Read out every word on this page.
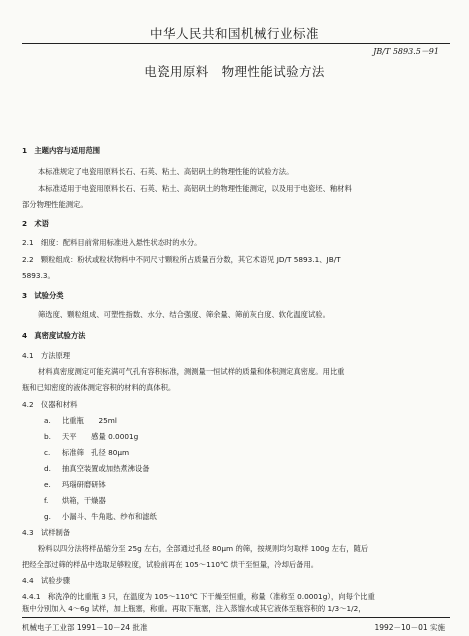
中华人民共和国机械行业标准
JB/T 5893.5－91
电瓷用原料　物理性能试验方法
1　主题内容与适用范围
本标准规定了电瓷用原料长石、石英、粘土、高铝矾土的物理性能的试验方法。
本标准适用于电瓷用原料长石、石英、粘土、高铝矾土的物理性能测定，以及用于电瓷坯、釉材料
部分物理性能测定。
2　术语
2.1　细度：配料目前常用标准进入悬性状态时的水分。
2.2　颗粒组成：粉状或粒状物料中不同尺寸颗粒所占质量百分数，其它术语见 JD/T 5893.1、JB/T
5893.3。
3　试验分类
筛选度、颗粒组成、可塑性指数、水分、结合强度、筛余量、筛前灰白度、软化温度试验。
4　真密度试验方法
4.1　方法原理
材料真密度测定可能充满可气孔有容积标准，测测量一恒试样的质量和体积测定真密度。用比重
瓶和已知密度的液体测定容积的材料的真体积。
4.2　仪器和材料
a. 比重瓶　　25ml
b. 天平　　感量 0.0001g
c. 标准筛　孔径 80μm
d. 抽真空装置或加热煮沸设备
e. 玛瑙研磨研钵
f. 烘箱，干燥器
g. 小漏斗、牛角匙、纱布和滤纸
4.3　试样制备
粉料以四分法将样品缩分至 25g 左右，全部通过孔径 80μm 的筛，按规则均匀取样 100g 左右，随后
把经全部过筛的样品中选取足够粒度，试验前再在 105～110℃ 烘干至恒量，冷却后备用。
4.4　试验步骤
4.4.1　称洗净的比重瓶 3 只，在温度为 105～110℃ 下干燥至恒重，称量（准称至 0.0001g），向每个比重
瓶中分别加入 4～6g 试样，加上瓶塞，称重。再取下瓶塞，注入蒸馏水或其它液体至瓶容积的 1/3～1/2，
机械电子工业部 1991－10－24 批准	1992－10－01 实施
